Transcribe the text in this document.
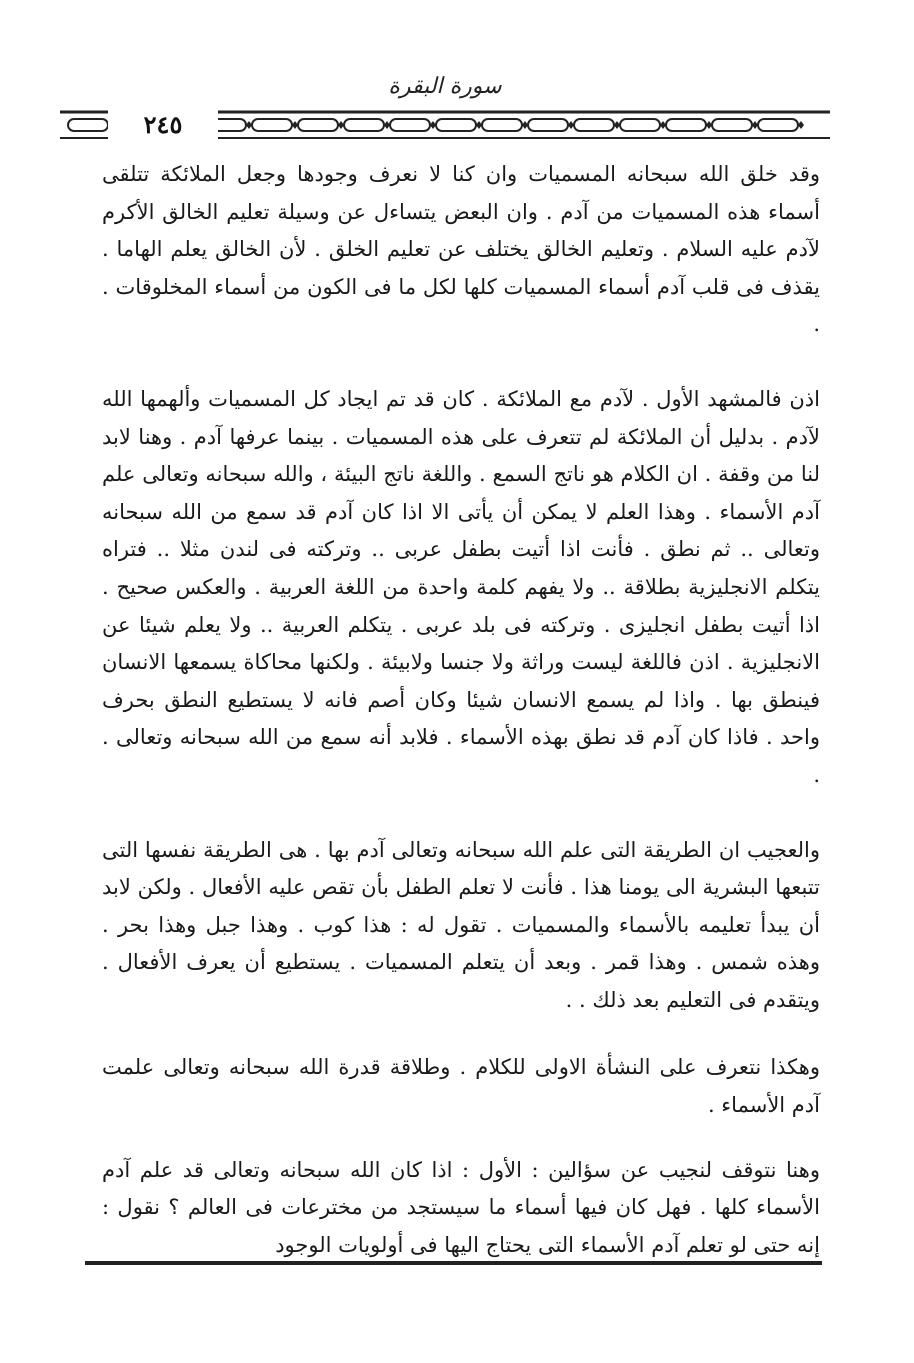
سورة البقرة
٢٤٥

وقد خلق الله سبحانه المسميات وان كنا لا نعرف وجودها وجعل الملائكة تتلقى أسماء هذه المسميات من آدم . وان البعض يتساءل عن وسيلة تعليم الخالق الأكرم لآدم عليه السلام . وتعليم الخالق يختلف عن تعليم الخلق . لأن الخالق يعلم الهاما . يقذف فى قلب آدم أسماء المسميات كلها لكل ما فى الكون من أسماء المخلوقات . .

اذن فالمشهد الأول . لآدم مع الملائكة . كان قد تم ايجاد كل المسميات وألهمها الله لآدم . بدليل أن الملائكة لم تتعرف على هذه المسميات . بينما عرفها آدم . وهنا لابد لنا من وقفة . ان الكلام هو ناتج السمع . واللغة ناتج البيئة ، والله سبحانه وتعالى علم آدم الأسماء . وهذا العلم لا يمكن أن يأتى الا اذا كان آدم قد سمع من الله سبحانه وتعالى .. ثم نطق . فأنت اذا أتيت بطفل عربى .. وتركته فى لندن مثلا .. فتراه يتكلم الانجليزية بطلاقة .. ولا يفهم كلمة واحدة من اللغة العربية . والعكس صحيح . اذا أتيت بطفل انجليزى . وتركته فى بلد عربى . يتكلم العربية .. ولا يعلم شيئا عن الانجليزية . اذن فاللغة ليست وراثة ولا جنسا ولابيئة . ولكنها محاكاة يسمعها الانسان فينطق بها . واذا لم يسمع الانسان شيئا وكان أصم فانه لا يستطيع النطق بحرف واحد . فاذا كان آدم قد نطق بهذه الأسماء . فلابد أنه سمع من الله سبحانه وتعالى . .

والعجيب ان الطريقة التى علم الله سبحانه وتعالى آدم بها . هى الطريقة نفسها التى تتبعها البشرية الى يومنا هذا . فأنت لا تعلم الطفل بأن تقص عليه الأفعال . ولكن لابد أن يبدأ تعليمه بالأسماء والمسميات . تقول له : هذا كوب . وهذا جبل وهذا بحر . وهذه شمس . وهذا قمر . وبعد أن يتعلم المسميات . يستطيع أن يعرف الأفعال . ويتقدم فى التعليم بعد ذلك . .

وهكذا نتعرف على النشأة الاولى للكلام . وطلاقة قدرة الله سبحانه وتعالى علمت آدم الأسماء .

وهنا نتوقف لنجيب عن سؤالين : الأول : اذا كان الله سبحانه وتعالى قد علم آدم الأسماء كلها . فهل كان فيها أسماء ما سيستجد من مخترعات فى العالم ؟ نقول : إنه حتى لو تعلم آدم الأسماء التى يحتاج اليها فى أولويات الوجود
